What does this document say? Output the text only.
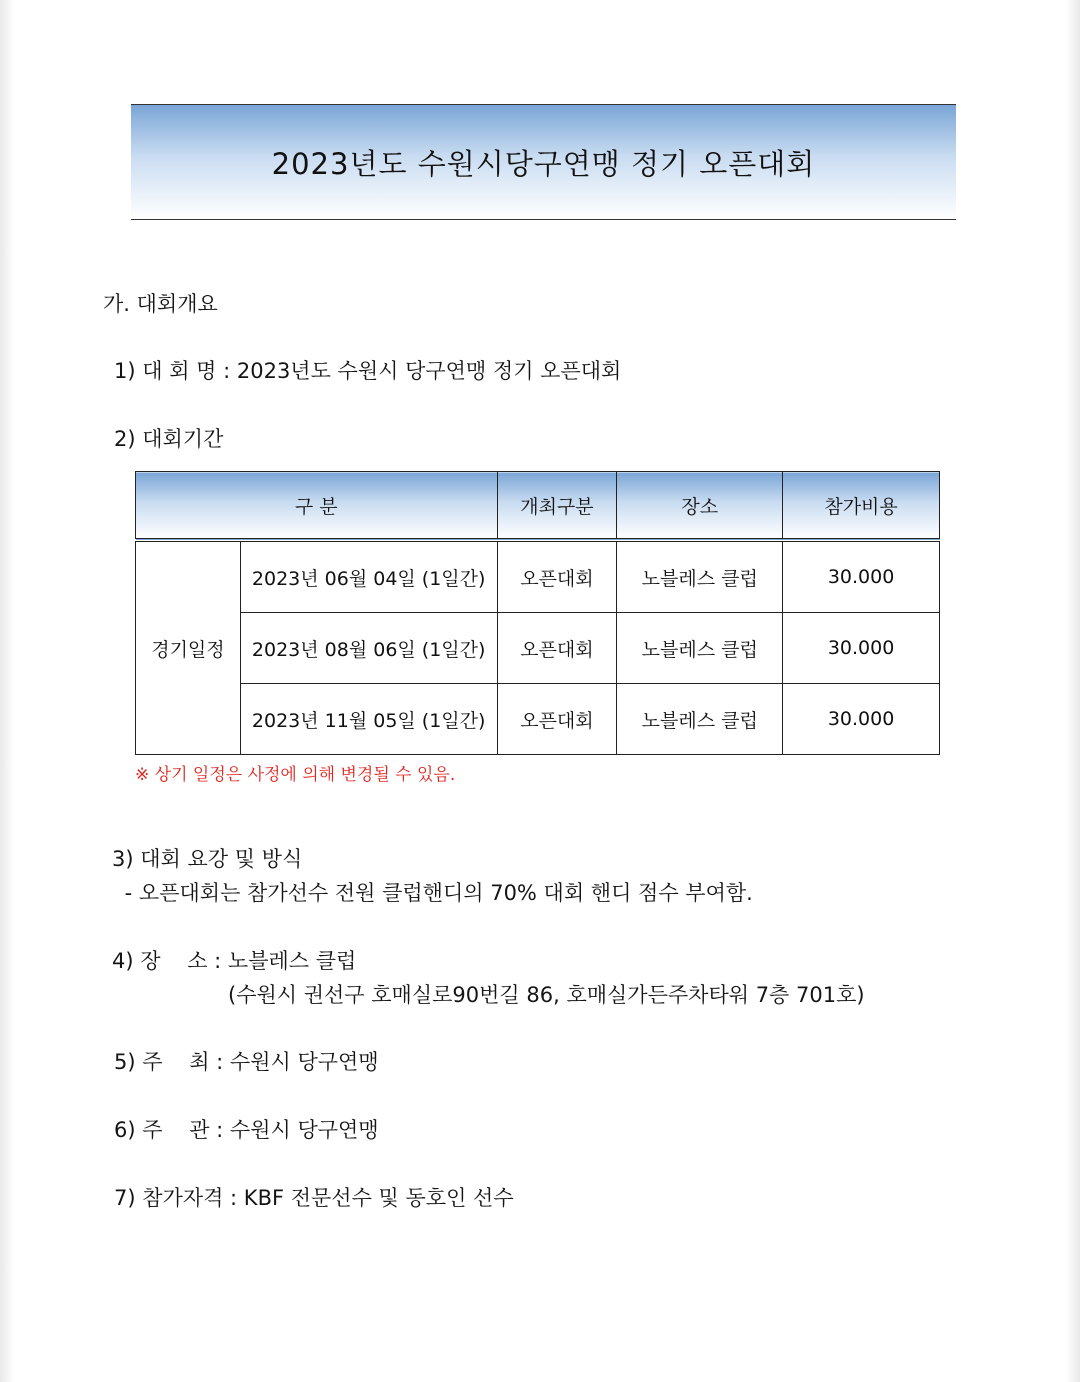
2023년도 수원시당구연맹 정기 오픈대회
가. 대회개요
1) 대 회 명 : 2023년도 수원시 당구연맹 정기 오픈대회
2) 대회기간
구 분		개최구분	장소	참가비용
경기일정	2023년 06월 04일 (1일간)	오픈대회	노블레스 클럽	30.000
	2023년 08월 06일 (1일간)	오픈대회	노블레스 클럽	30.000
	2023년 11월 05일 (1일간)	오픈대회	노블레스 클럽	30.000
※ 상기 일정은 사정에 의해 변경될 수 있음.
3) 대회 요강 및 방식
- 오픈대회는 참가선수 전원 클럽핸디의 70% 대회 핸디 점수 부여함.
4) 장    소 : 노블레스 클럽
(수원시 권선구 호매실로90번길 86, 호매실가든주차타워 7층 701호)
5) 주    최 : 수원시 당구연맹
6) 주    관 : 수원시 당구연맹
7) 참가자격 : KBF 전문선수 및 동호인 선수
